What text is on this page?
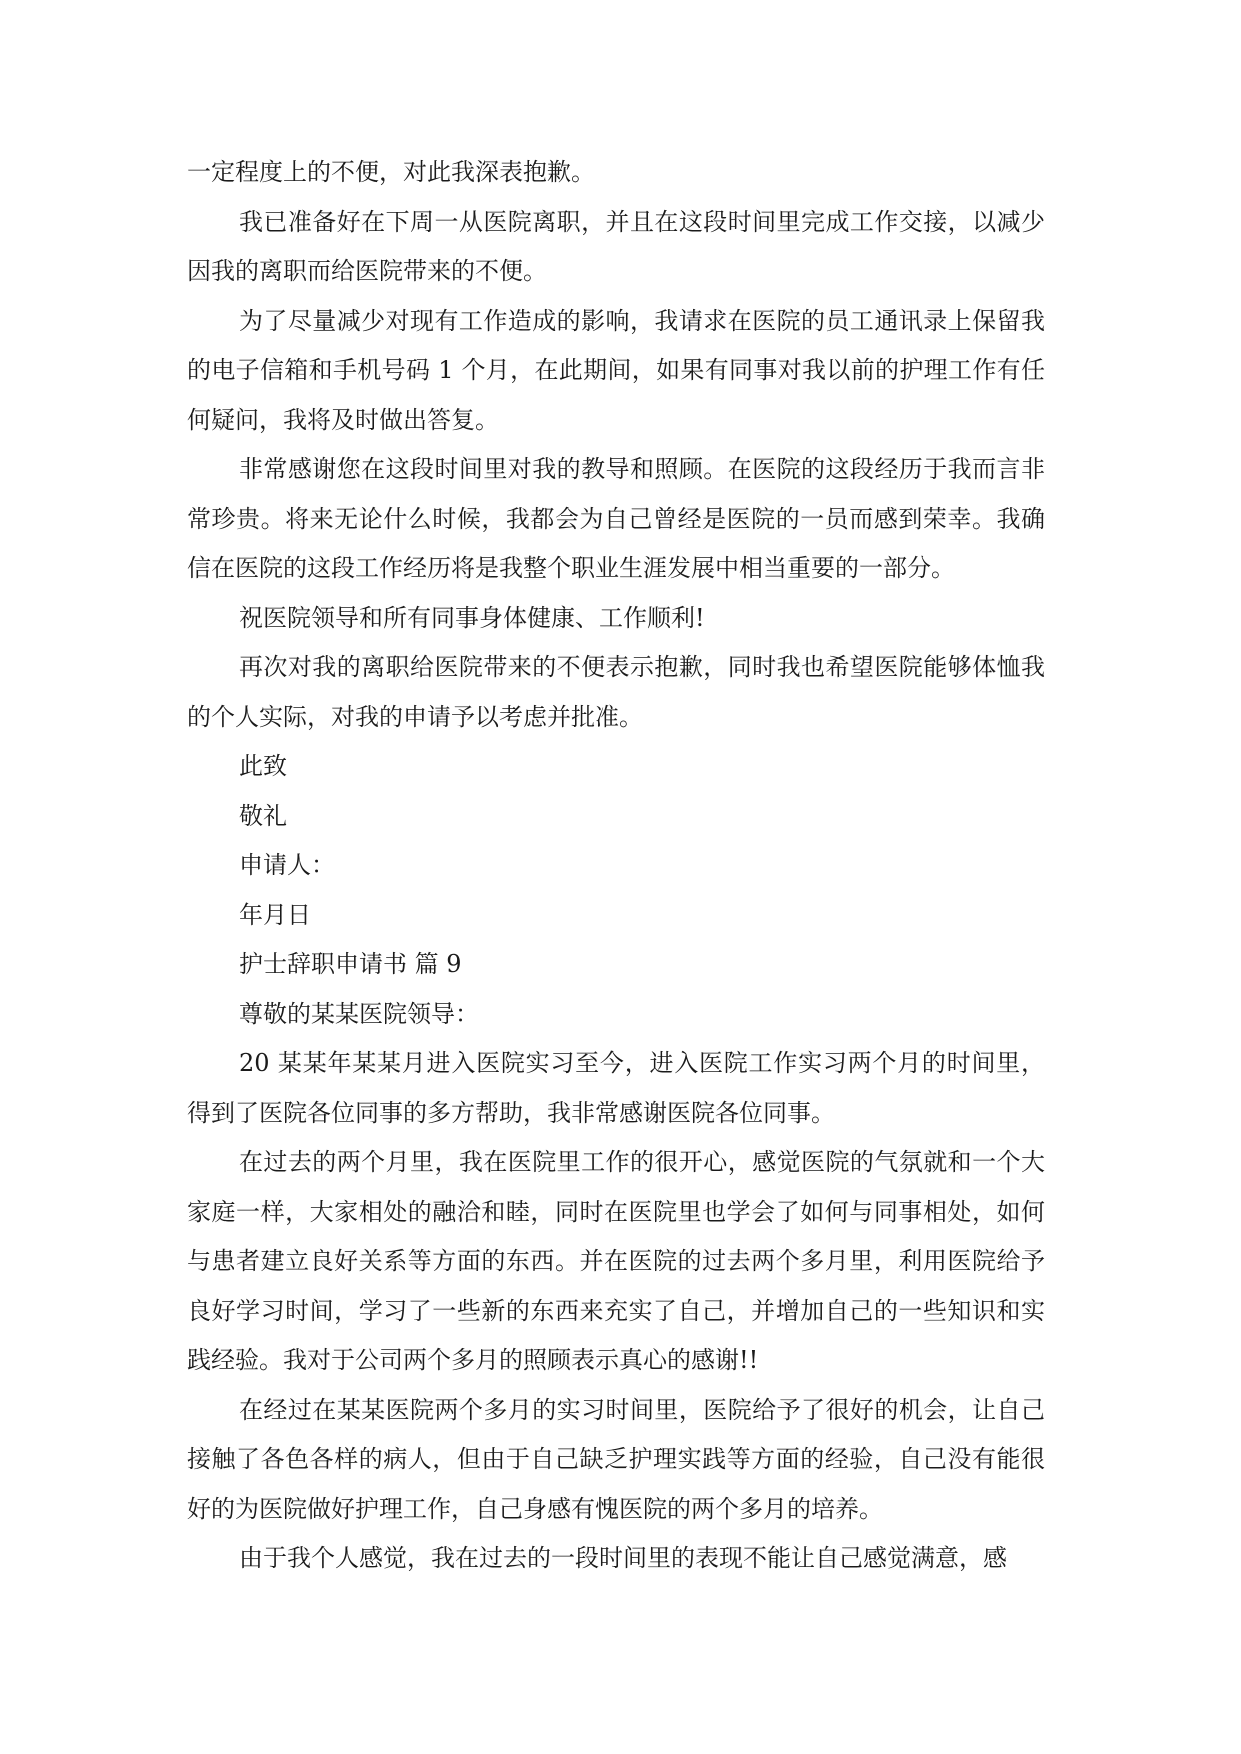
一定程度上的不便，对此我深表抱歉。

我已准备好在下周一从医院离职，并且在这段时间里完成工作交接，以减少因我的离职而给医院带来的不便。

为了尽量减少对现有工作造成的影响，我请求在医院的员工通讯录上保留我的电子信箱和手机号码 1 个月，在此期间，如果有同事对我以前的护理工作有任何疑问，我将及时做出答复。

非常感谢您在这段时间里对我的教导和照顾。在医院的这段经历于我而言非常珍贵。将来无论什么时候，我都会为自己曾经是医院的一员而感到荣幸。我确信在医院的这段工作经历将是我整个职业生涯发展中相当重要的一部分。

祝医院领导和所有同事身体健康、工作顺利!

再次对我的离职给医院带来的不便表示抱歉，同时我也希望医院能够体恤我的个人实际，对我的申请予以考虑并批准。

此致

敬礼

申请人：

年月日

护士辞职申请书 篇 9

尊敬的某某医院领导：

20 某某年某某月进入医院实习至今，进入医院工作实习两个月的时间里，得到了医院各位同事的多方帮助，我非常感谢医院各位同事。

在过去的两个月里，我在医院里工作的很开心，感觉医院的气氛就和一个大家庭一样，大家相处的融洽和睦，同时在医院里也学会了如何与同事相处，如何与患者建立良好关系等方面的东西。并在医院的过去两个多月里，利用医院给予良好学习时间，学习了一些新的东西来充实了自己，并增加自己的一些知识和实践经验。我对于公司两个多月的照顾表示真心的感谢!!

在经过在某某医院两个多月的实习时间里，医院给予了很好的机会，让自己接触了各色各样的病人，但由于自己缺乏护理实践等方面的经验，自己没有能很好的为医院做好护理工作，自己身感有愧医院的两个多月的培养。

由于我个人感觉，我在过去的一段时间里的表现不能让自己感觉满意，感
